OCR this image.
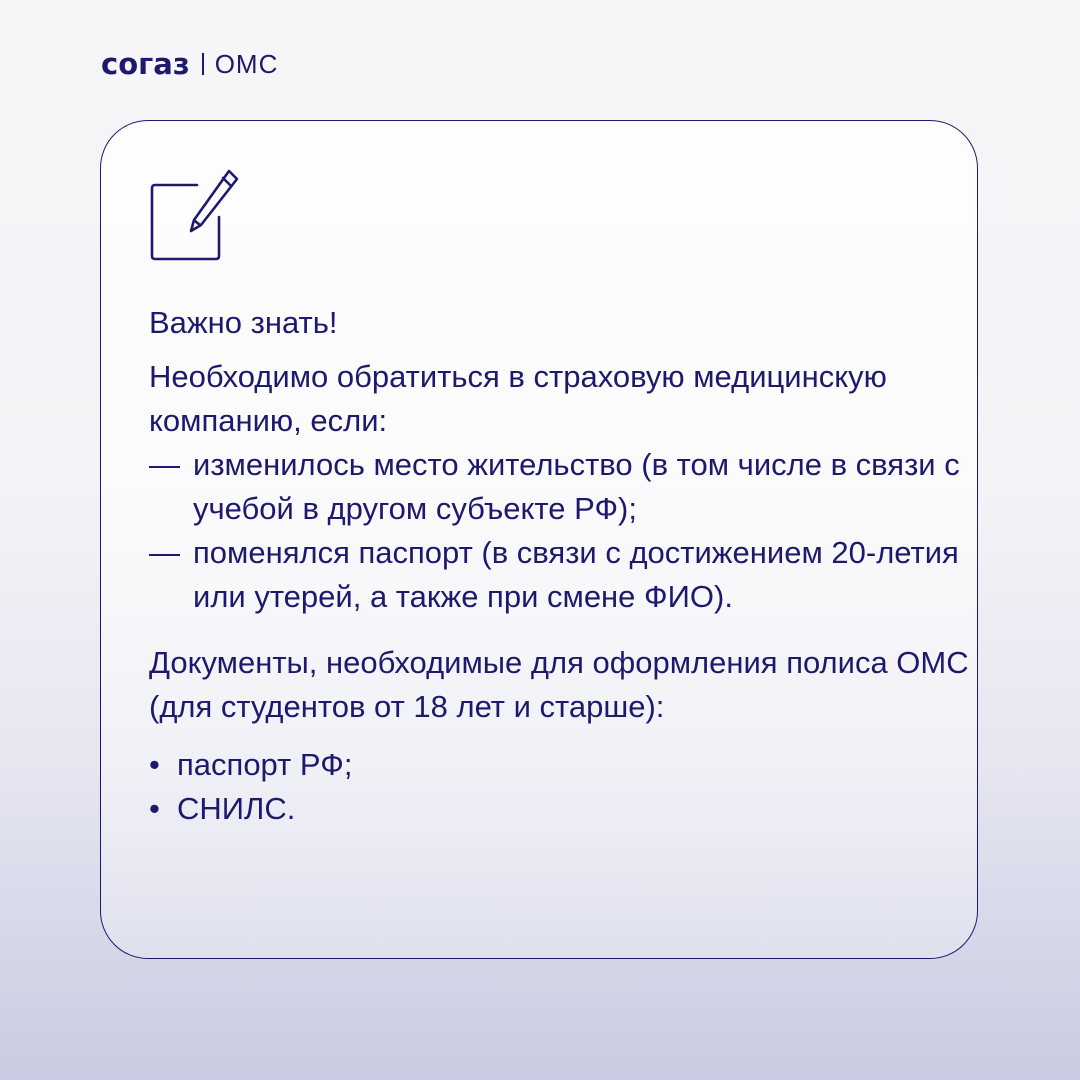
согаз ОМС

Важно знать!

Необходимо обратиться в страховую медицинскую компанию, если:

— изменилось место жительство (в том числе в связи с учебой в другом субъекте РФ);
— поменялся паспорт (в связи с достижением 20-летия или утерей, а также при смене ФИО).

Документы, необходимые для оформления полиса ОМС (для студентов от 18 лет и старше):

• паспорт РФ;
• СНИЛС.
